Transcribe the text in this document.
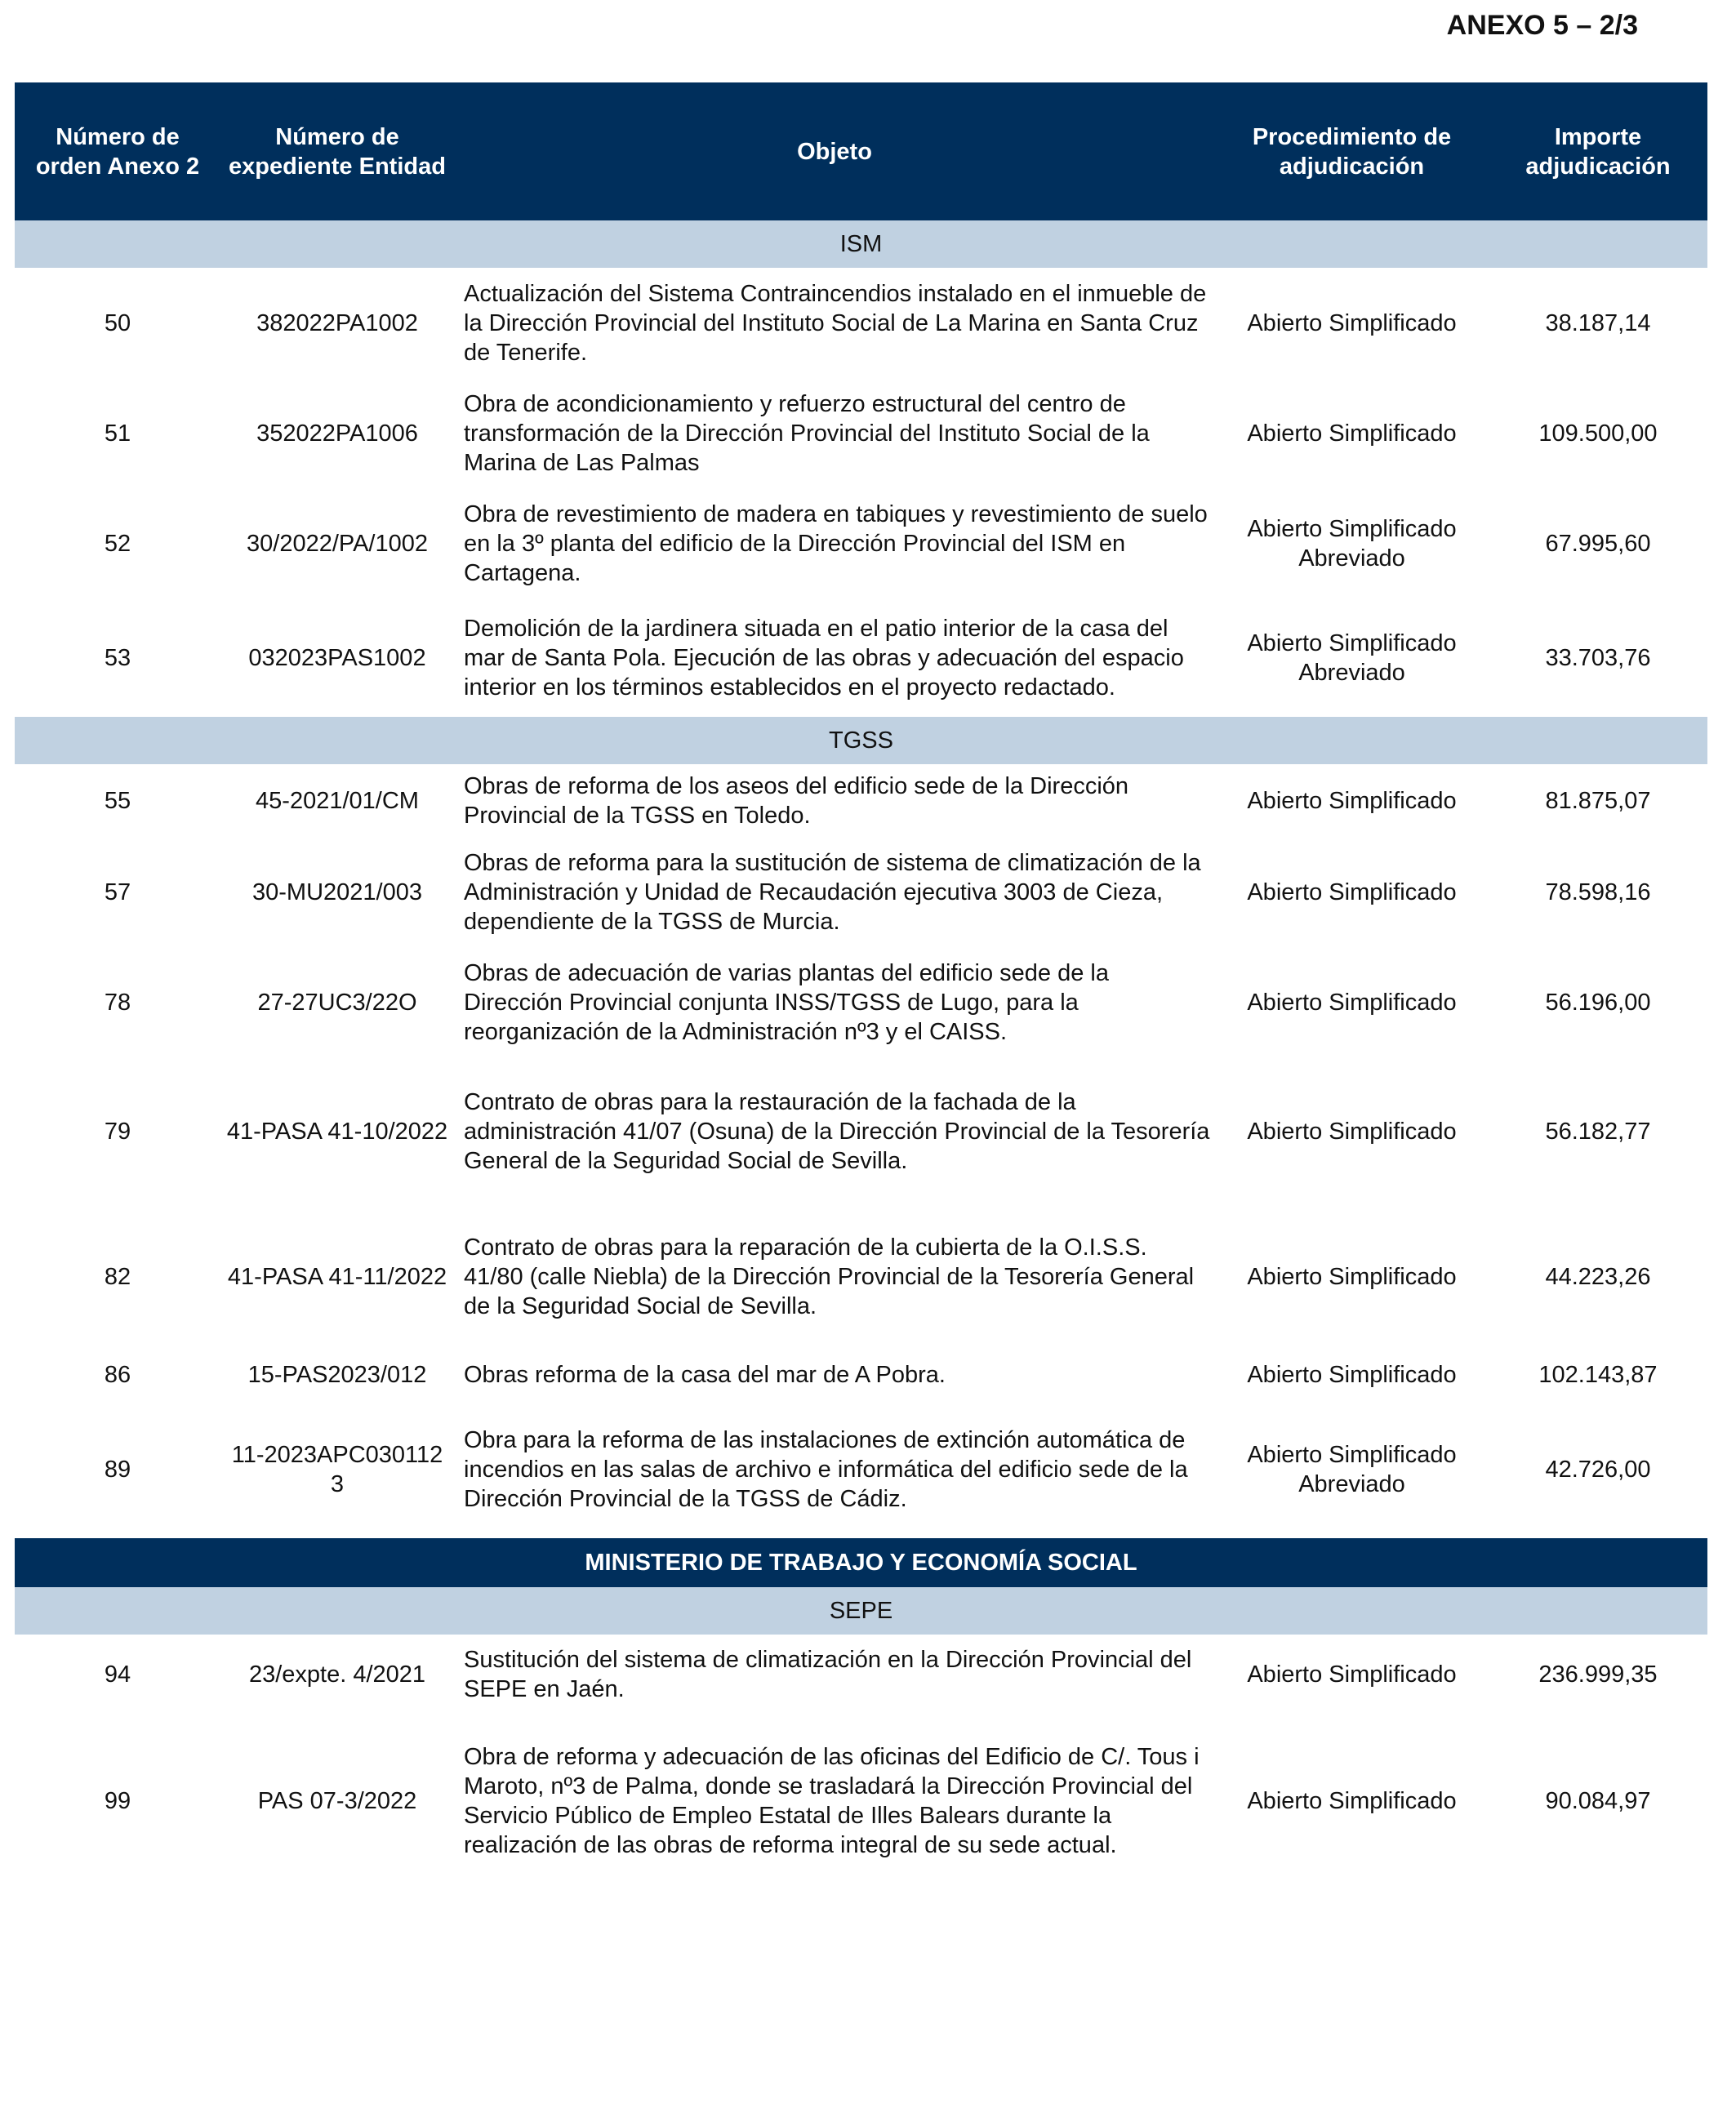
ANEXO 5 – 2/3
Número de orden Anexo 2	Número de expediente Entidad	Objeto	Procedimiento de adjudicación	Importe adjudicación
ISM				
50	382022PA1002	Actualización del Sistema Contraincendios instalado en el inmueble de la Dirección Provincial del Instituto Social de La Marina en Santa Cruz de Tenerife.	Abierto Simplificado	38.187,14
51	352022PA1006	Obra de acondicionamiento y refuerzo estructural del centro de transformación de la Dirección Provincial del Instituto Social de la Marina de Las Palmas	Abierto Simplificado	109.500,00
52	30/2022/PA/1002	Obra de revestimiento de madera en tabiques y revestimiento de suelo en la 3º planta del edificio de la Dirección Provincial del ISM en Cartagena.	Abierto Simplificado Abreviado	67.995,60
53	032023PAS1002	Demolición de la jardinera situada en el patio interior de la casa del mar de Santa Pola. Ejecución de las obras y adecuación del espacio interior en los términos establecidos en el proyecto redactado.	Abierto Simplificado Abreviado	33.703,76
TGSS				
55	45-2021/01/CM	Obras de reforma de los aseos del edificio sede de la Dirección Provincial de la TGSS en Toledo.	Abierto Simplificado	81.875,07
57	30-MU2021/003	Obras de reforma para la sustitución de sistema de climatización de la Administración y Unidad de Recaudación ejecutiva 3003 de Cieza, dependiente de la TGSS de Murcia.	Abierto Simplificado	78.598,16
78	27-27UC3/22O	Obras de adecuación de varias plantas del edificio sede de la Dirección Provincial conjunta INSS/TGSS de Lugo, para la reorganización de la Administración nº3 y el CAISS.	Abierto Simplificado	56.196,00
79	41-PASA 41-10/2022	Contrato de obras para la restauración de la fachada de la administración 41/07 (Osuna) de la Dirección Provincial de la Tesorería General de la Seguridad Social de Sevilla.	Abierto Simplificado	56.182,77
82	41-PASA 41-11/2022	Contrato de obras para la reparación de la cubierta de la O.I.S.S. 41/80 (calle Niebla) de la Dirección Provincial de la Tesorería General de la Seguridad Social de Sevilla.	Abierto Simplificado	44.223,26
86	15-PAS2023/012	Obras reforma de la casa del mar de A Pobra.	Abierto Simplificado	102.143,87
89	11-2023APC0301123	Obra para la reforma de las instalaciones de extinción automática de incendios en las salas de archivo e informática del edificio sede de la Dirección Provincial de la TGSS de Cádiz.	Abierto Simplificado Abreviado	42.726,00
MINISTERIO DE TRABAJO Y ECONOMÍA SOCIAL				
SEPE				
94	23/expte. 4/2021	Sustitución del sistema de climatización en la Dirección Provincial del SEPE en Jaén.	Abierto Simplificado	236.999,35
99	PAS 07-3/2022	Obra de reforma y adecuación de las oficinas del Edificio de C/. Tous i Maroto, nº3 de Palma, donde se trasladará la Dirección Provincial del Servicio Público de Empleo Estatal de Illes Balears durante la realización de las obras de reforma integral de su sede actual.	Abierto Simplificado	90.084,97
